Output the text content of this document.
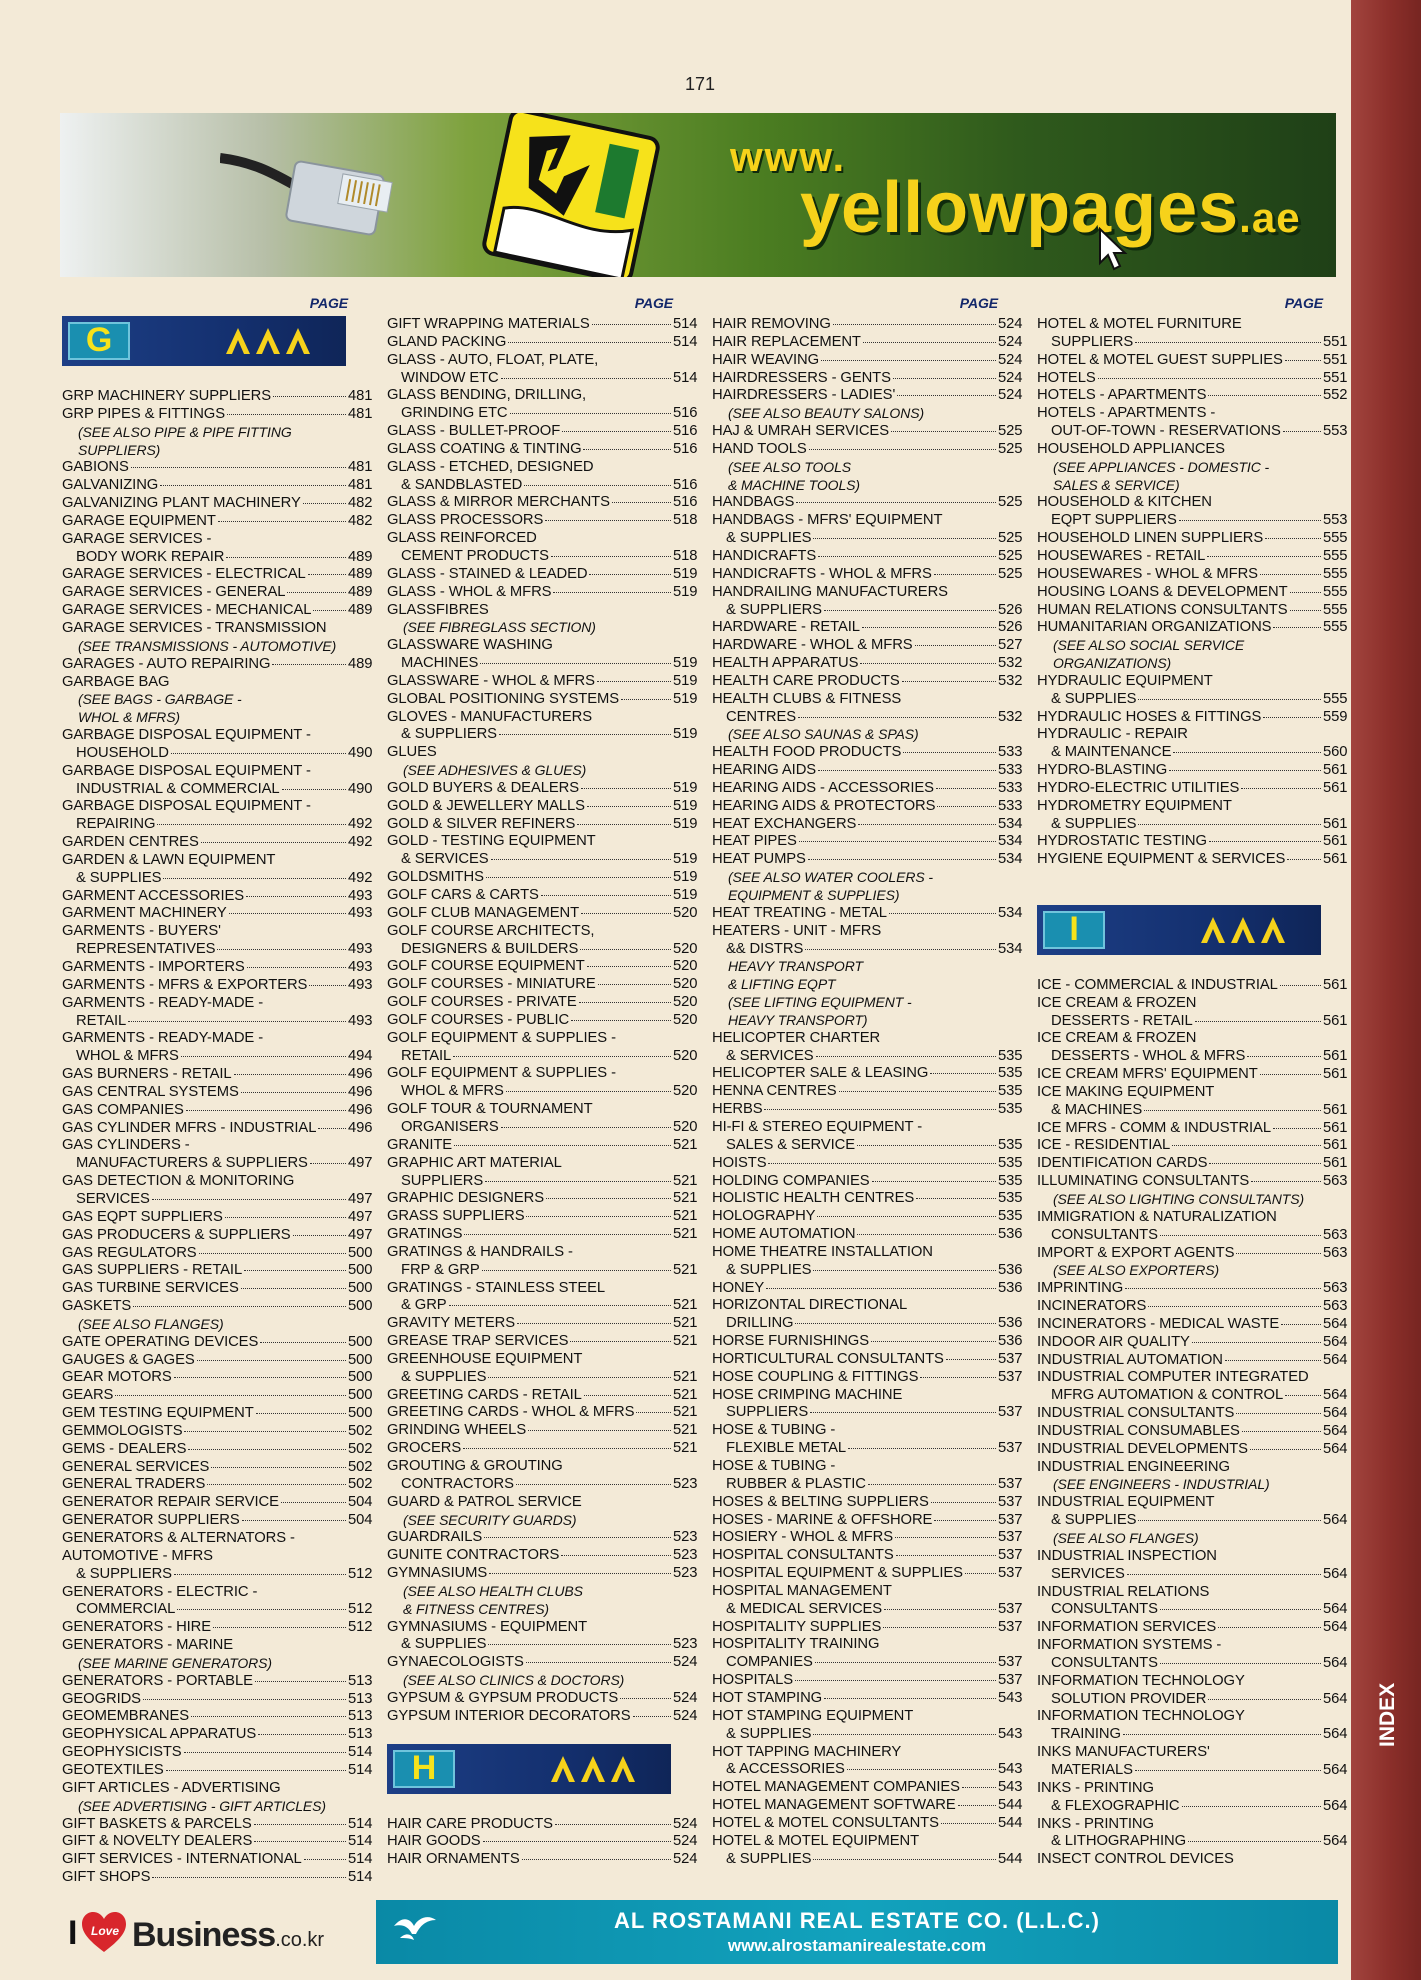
INDEX
171
www.
yellowpages.ae
PAGE
G
GRP MACHINERY SUPPLIERS	481
GRP PIPES & FITTINGS	481
(SEE ALSO PIPE & PIPE FITTING
SUPPLIERS)
GABIONS	481
GALVANIZING	481
GALVANIZING PLANT MACHINERY	482
GARAGE EQUIPMENT	482
GARAGE SERVICES -
BODY WORK REPAIR	489
GARAGE SERVICES - ELECTRICAL	489
GARAGE SERVICES - GENERAL	489
GARAGE SERVICES - MECHANICAL 489
GARAGE SERVICES - TRANSMISSION
(SEE TRANSMISSIONS - AUTOMOTIVE)
GARAGES - AUTO REPAIRING	489
GARBAGE BAG
(SEE BAGS - GARBAGE -
WHOL & MFRS)
GARBAGE DISPOSAL EQUIPMENT -
HOUSEHOLD	490
GARBAGE DISPOSAL EQUIPMENT -
INDUSTRIAL & COMMERCIAL	490
GARBAGE DISPOSAL EQUIPMENT -
REPAIRING	492
GARDEN CENTRES	492
GARDEN & LAWN EQUIPMENT
& SUPPLIES	492
GARMENT ACCESSORIES	493
GARMENT MACHINERY	493
GARMENTS - BUYERS'
REPRESENTATIVES	493
GARMENTS - IMPORTERS	493
GARMENTS - MFRS & EXPORTERS	493
GARMENTS - READY-MADE -
RETAIL	493
GARMENTS - READY-MADE -
WHOL & MFRS	494
GAS BURNERS - RETAIL	496
GAS CENTRAL SYSTEMS	496
GAS COMPANIES	496
GAS CYLINDER MFRS - INDUSTRIAL 496
GAS CYLINDERS -
MANUFACTURERS & SUPPLIERS	497
GAS DETECTION & MONITORING
SERVICES	497
GAS EQPT SUPPLIERS	497
GAS PRODUCERS & SUPPLIERS	497
GAS REGULATORS	500
GAS SUPPLIERS - RETAIL	500
GAS TURBINE SERVICES	500
GASKETS	500
(SEE ALSO FLANGES)
GATE OPERATING DEVICES	500
GAUGES & GAGES	500
GEAR MOTORS	500
GEARS	500
GEM TESTING EQUIPMENT	500
GEMMOLOGISTS	502
GEMS - DEALERS	502
GENERAL SERVICES	502
GENERAL TRADERS	502
GENERATOR REPAIR SERVICE	504
GENERATOR SUPPLIERS	504
GENERATORS & ALTERNATORS -
AUTOMOTIVE - MFRS
& SUPPLIERS	512
GENERATORS - ELECTRIC -
COMMERCIAL	512
GENERATORS - HIRE	512
GENERATORS - MARINE
(SEE MARINE GENERATORS)
GENERATORS - PORTABLE	513
GEOGRIDS	513
GEOMEMBRANES	513
GEOPHYSICAL APPARATUS	513
GEOPHYSICISTS	514
GEOTEXTILES	514
GIFT ARTICLES - ADVERTISING
(SEE ADVERTISING - GIFT ARTICLES)
GIFT BASKETS & PARCELS	514
GIFT & NOVELTY DEALERS	514
GIFT SERVICES - INTERNATIONAL	514
GIFT SHOPS	514
PAGE
GIFT WRAPPING MATERIALS	514
GLAND PACKING	514
GLASS - AUTO, FLOAT, PLATE,
WINDOW ETC	514
GLASS BENDING, DRILLING,
GRINDING ETC	516
GLASS - BULLET-PROOF	516
GLASS COATING & TINTING	516
GLASS - ETCHED, DESIGNED
& SANDBLASTED	516
GLASS & MIRROR MERCHANTS	516
GLASS PROCESSORS	518
GLASS REINFORCED
CEMENT PRODUCTS	518
GLASS - STAINED & LEADED	519
GLASS - WHOL & MFRS	519
GLASSFIBRES
(SEE FIBREGLASS SECTION)
GLASSWARE WASHING
MACHINES	519
GLASSWARE - WHOL & MFRS	519
GLOBAL POSITIONING SYSTEMS	519
GLOVES - MANUFACTURERS
& SUPPLIERS	519
GLUES
(SEE ADHESIVES & GLUES)
GOLD BUYERS & DEALERS	519
GOLD & JEWELLERY MALLS	519
GOLD & SILVER REFINERS	519
GOLD - TESTING EQUIPMENT
& SERVICES	519
GOLDSMITHS	519
GOLF CARS & CARTS	519
GOLF CLUB MANAGEMENT	520
GOLF COURSE ARCHITECTS,
DESIGNERS & BUILDERS	520
GOLF COURSE EQUIPMENT	520
GOLF COURSES - MINIATURE	520
GOLF COURSES - PRIVATE	520
GOLF COURSES - PUBLIC	520
GOLF EQUIPMENT & SUPPLIES -
RETAIL	520
GOLF EQUIPMENT & SUPPLIES -
WHOL & MFRS	520
GOLF TOUR & TOURNAMENT
ORGANISERS	520
GRANITE	521
GRAPHIC ART MATERIAL
SUPPLIERS	521
GRAPHIC DESIGNERS	521
GRASS SUPPLIERS	521
GRATINGS	521
GRATINGS & HANDRAILS -
FRP & GRP	521
GRATINGS - STAINLESS STEEL
& GRP	521
GRAVITY METERS	521
GREASE TRAP SERVICES	521
GREENHOUSE EQUIPMENT
& SUPPLIES	521
GREETING CARDS - RETAIL	521
GREETING CARDS - WHOL & MFRS	521
GRINDING WHEELS	521
GROCERS	521
GROUTING & GROUTING
CONTRACTORS	523
GUARD & PATROL SERVICE
(SEE SECURITY GUARDS)
GUARDRAILS	523
GUNITE CONTRACTORS	523
GYMNASIUMS	523
(SEE ALSO HEALTH CLUBS
& FITNESS CENTRES)
GYMNASIUMS - EQUIPMENT
& SUPPLIES	523
GYNAECOLOGISTS	524
(SEE ALSO CLINICS & DOCTORS)
GYPSUM & GYPSUM PRODUCTS	524
GYPSUM INTERIOR DECORATORS	524
H
HAIR CARE PRODUCTS	524
HAIR GOODS	524
HAIR ORNAMENTS	524
PAGE
HAIR REMOVING	524
HAIR REPLACEMENT	524
HAIR WEAVING	524
HAIRDRESSERS - GENTS	524
HAIRDRESSERS - LADIES'	524
(SEE ALSO BEAUTY SALONS)
HAJ & UMRAH SERVICES	525
HAND TOOLS	525
(SEE ALSO TOOLS
& MACHINE TOOLS)
HANDBAGS	525
HANDBAGS - MFRS' EQUIPMENT
& SUPPLIES	525
HANDICRAFTS	525
HANDICRAFTS - WHOL & MFRS	525
HANDRAILING MANUFACTURERS
& SUPPLIERS	526
HARDWARE - RETAIL	526
HARDWARE - WHOL & MFRS	527
HEALTH APPARATUS	532
HEALTH CARE PRODUCTS	532
HEALTH CLUBS & FITNESS
CENTRES	532
(SEE ALSO SAUNAS & SPAS)
HEALTH FOOD PRODUCTS	533
HEARING AIDS	533
HEARING AIDS - ACCESSORIES	533
HEARING AIDS & PROTECTORS	533
HEAT EXCHANGERS	534
HEAT PIPES	534
HEAT PUMPS	534
(SEE ALSO WATER COOLERS -
EQUIPMENT & SUPPLIES)
HEAT TREATING - METAL	534
HEATERS - UNIT - MFRS
&& DISTRS	534
HEAVY TRANSPORT
& LIFTING EQPT
(SEE LIFTING EQUIPMENT -
HEAVY TRANSPORT)
HELICOPTER CHARTER
& SERVICES	535
HELICOPTER SALE & LEASING	535
HENNA CENTRES	535
HERBS	535
HI-FI & STEREO EQUIPMENT -
SALES & SERVICE	535
HOISTS	535
HOLDING COMPANIES	535
HOLISTIC HEALTH CENTRES	535
HOLOGRAPHY	535
HOME AUTOMATION	536
HOME THEATRE INSTALLATION
& SUPPLIES	536
HONEY	536
HORIZONTAL DIRECTIONAL
DRILLING	536
HORSE FURNISHINGS	536
HORTICULTURAL CONSULTANTS	537
HOSE COUPLING & FITTINGS	537
HOSE CRIMPING MACHINE
SUPPLIERS	537
HOSE & TUBING -
FLEXIBLE METAL	537
HOSE & TUBING -
RUBBER & PLASTIC	537
HOSES & BELTING SUPPLIERS	537
HOSES - MARINE & OFFSHORE	537
HOSIERY - WHOL & MFRS	537
HOSPITAL CONSULTANTS	537
HOSPITAL EQUIPMENT & SUPPLIES 537
HOSPITAL MANAGEMENT
& MEDICAL SERVICES	537
HOSPITALITY SUPPLIES	537
HOSPITALITY TRAINING
COMPANIES	537
HOSPITALS	537
HOT STAMPING	543
HOT STAMPING EQUIPMENT
& SUPPLIES	543
HOT TAPPING MACHINERY
& ACCESSORIES	543
HOTEL MANAGEMENT COMPANIES	543
HOTEL MANAGEMENT SOFTWARE	544
HOTEL & MOTEL CONSULTANTS	544
HOTEL & MOTEL EQUIPMENT
& SUPPLIES	544
PAGE
HOTEL & MOTEL FURNITURE
SUPPLIERS	551
HOTEL & MOTEL GUEST SUPPLIES	551
HOTELS	551
HOTELS - APARTMENTS	552
HOTELS - APARTMENTS -
OUT-OF-TOWN - RESERVATIONS	553
HOUSEHOLD APPLIANCES
(SEE APPLIANCES - DOMESTIC -
SALES & SERVICE)
HOUSEHOLD & KITCHEN
EQPT SUPPLIERS	553
HOUSEHOLD LINEN SUPPLIERS	555
HOUSEWARES - RETAIL	555
HOUSEWARES - WHOL & MFRS	555
HOUSING LOANS & DEVELOPMENT 555
HUMAN RELATIONS CONSULTANTS 555
HUMANITARIAN ORGANIZATIONS	555
(SEE ALSO SOCIAL SERVICE
ORGANIZATIONS)
HYDRAULIC EQUIPMENT
& SUPPLIES	555
HYDRAULIC HOSES & FITTINGS	559
HYDRAULIC - REPAIR
& MAINTENANCE	560
HYDRO-BLASTING	561
HYDRO-ELECTRIC UTILITIES	561
HYDROMETRY EQUIPMENT
& SUPPLIES	561
HYDROSTATIC TESTING	561
HYGIENE EQUIPMENT & SERVICES	561
I
ICE - COMMERCIAL & INDUSTRIAL	561
ICE CREAM & FROZEN
DESSERTS - RETAIL	561
ICE CREAM & FROZEN
DESSERTS - WHOL & MFRS	561
ICE CREAM MFRS' EQUIPMENT	561
ICE MAKING EQUIPMENT
& MACHINES	561
ICE MFRS - COMM & INDUSTRIAL	561
ICE - RESIDENTIAL	561
IDENTIFICATION CARDS	561
ILLUMINATING CONSULTANTS	563
(SEE ALSO LIGHTING CONSULTANTS)
IMMIGRATION & NATURALIZATION
CONSULTANTS	563
IMPORT & EXPORT AGENTS	563
(SEE ALSO EXPORTERS)
IMPRINTING	563
INCINERATORS	563
INCINERATORS - MEDICAL WASTE	564
INDOOR AIR QUALITY	564
INDUSTRIAL AUTOMATION	564
INDUSTRIAL COMPUTER INTEGRATED
MFRG AUTOMATION & CONTROL	564
INDUSTRIAL CONSULTANTS	564
INDUSTRIAL CONSUMABLES	564
INDUSTRIAL DEVELOPMENTS	564
INDUSTRIAL ENGINEERING
(SEE ENGINEERS - INDUSTRIAL)
INDUSTRIAL EQUIPMENT
& SUPPLIES	564
(SEE ALSO FLANGES)
INDUSTRIAL INSPECTION
SERVICES	564
INDUSTRIAL RELATIONS
CONSULTANTS	564
INFORMATION SERVICES	564
INFORMATION SYSTEMS -
CONSULTANTS	564
INFORMATION TECHNOLOGY
SOLUTION PROVIDER	564
INFORMATION TECHNOLOGY
TRAINING	564
INKS MANUFACTURERS'
MATERIALS	564
INKS - PRINTING
& FLEXOGRAPHIC	564
INKS - PRINTING
& LITHOGRAPHING	564
INSECT CONTROL DEVICES
I Love Business.co.kr
AL ROSTAMANI REAL ESTATE CO. (L.L.C.)
www.alrostamanirealestate.com
